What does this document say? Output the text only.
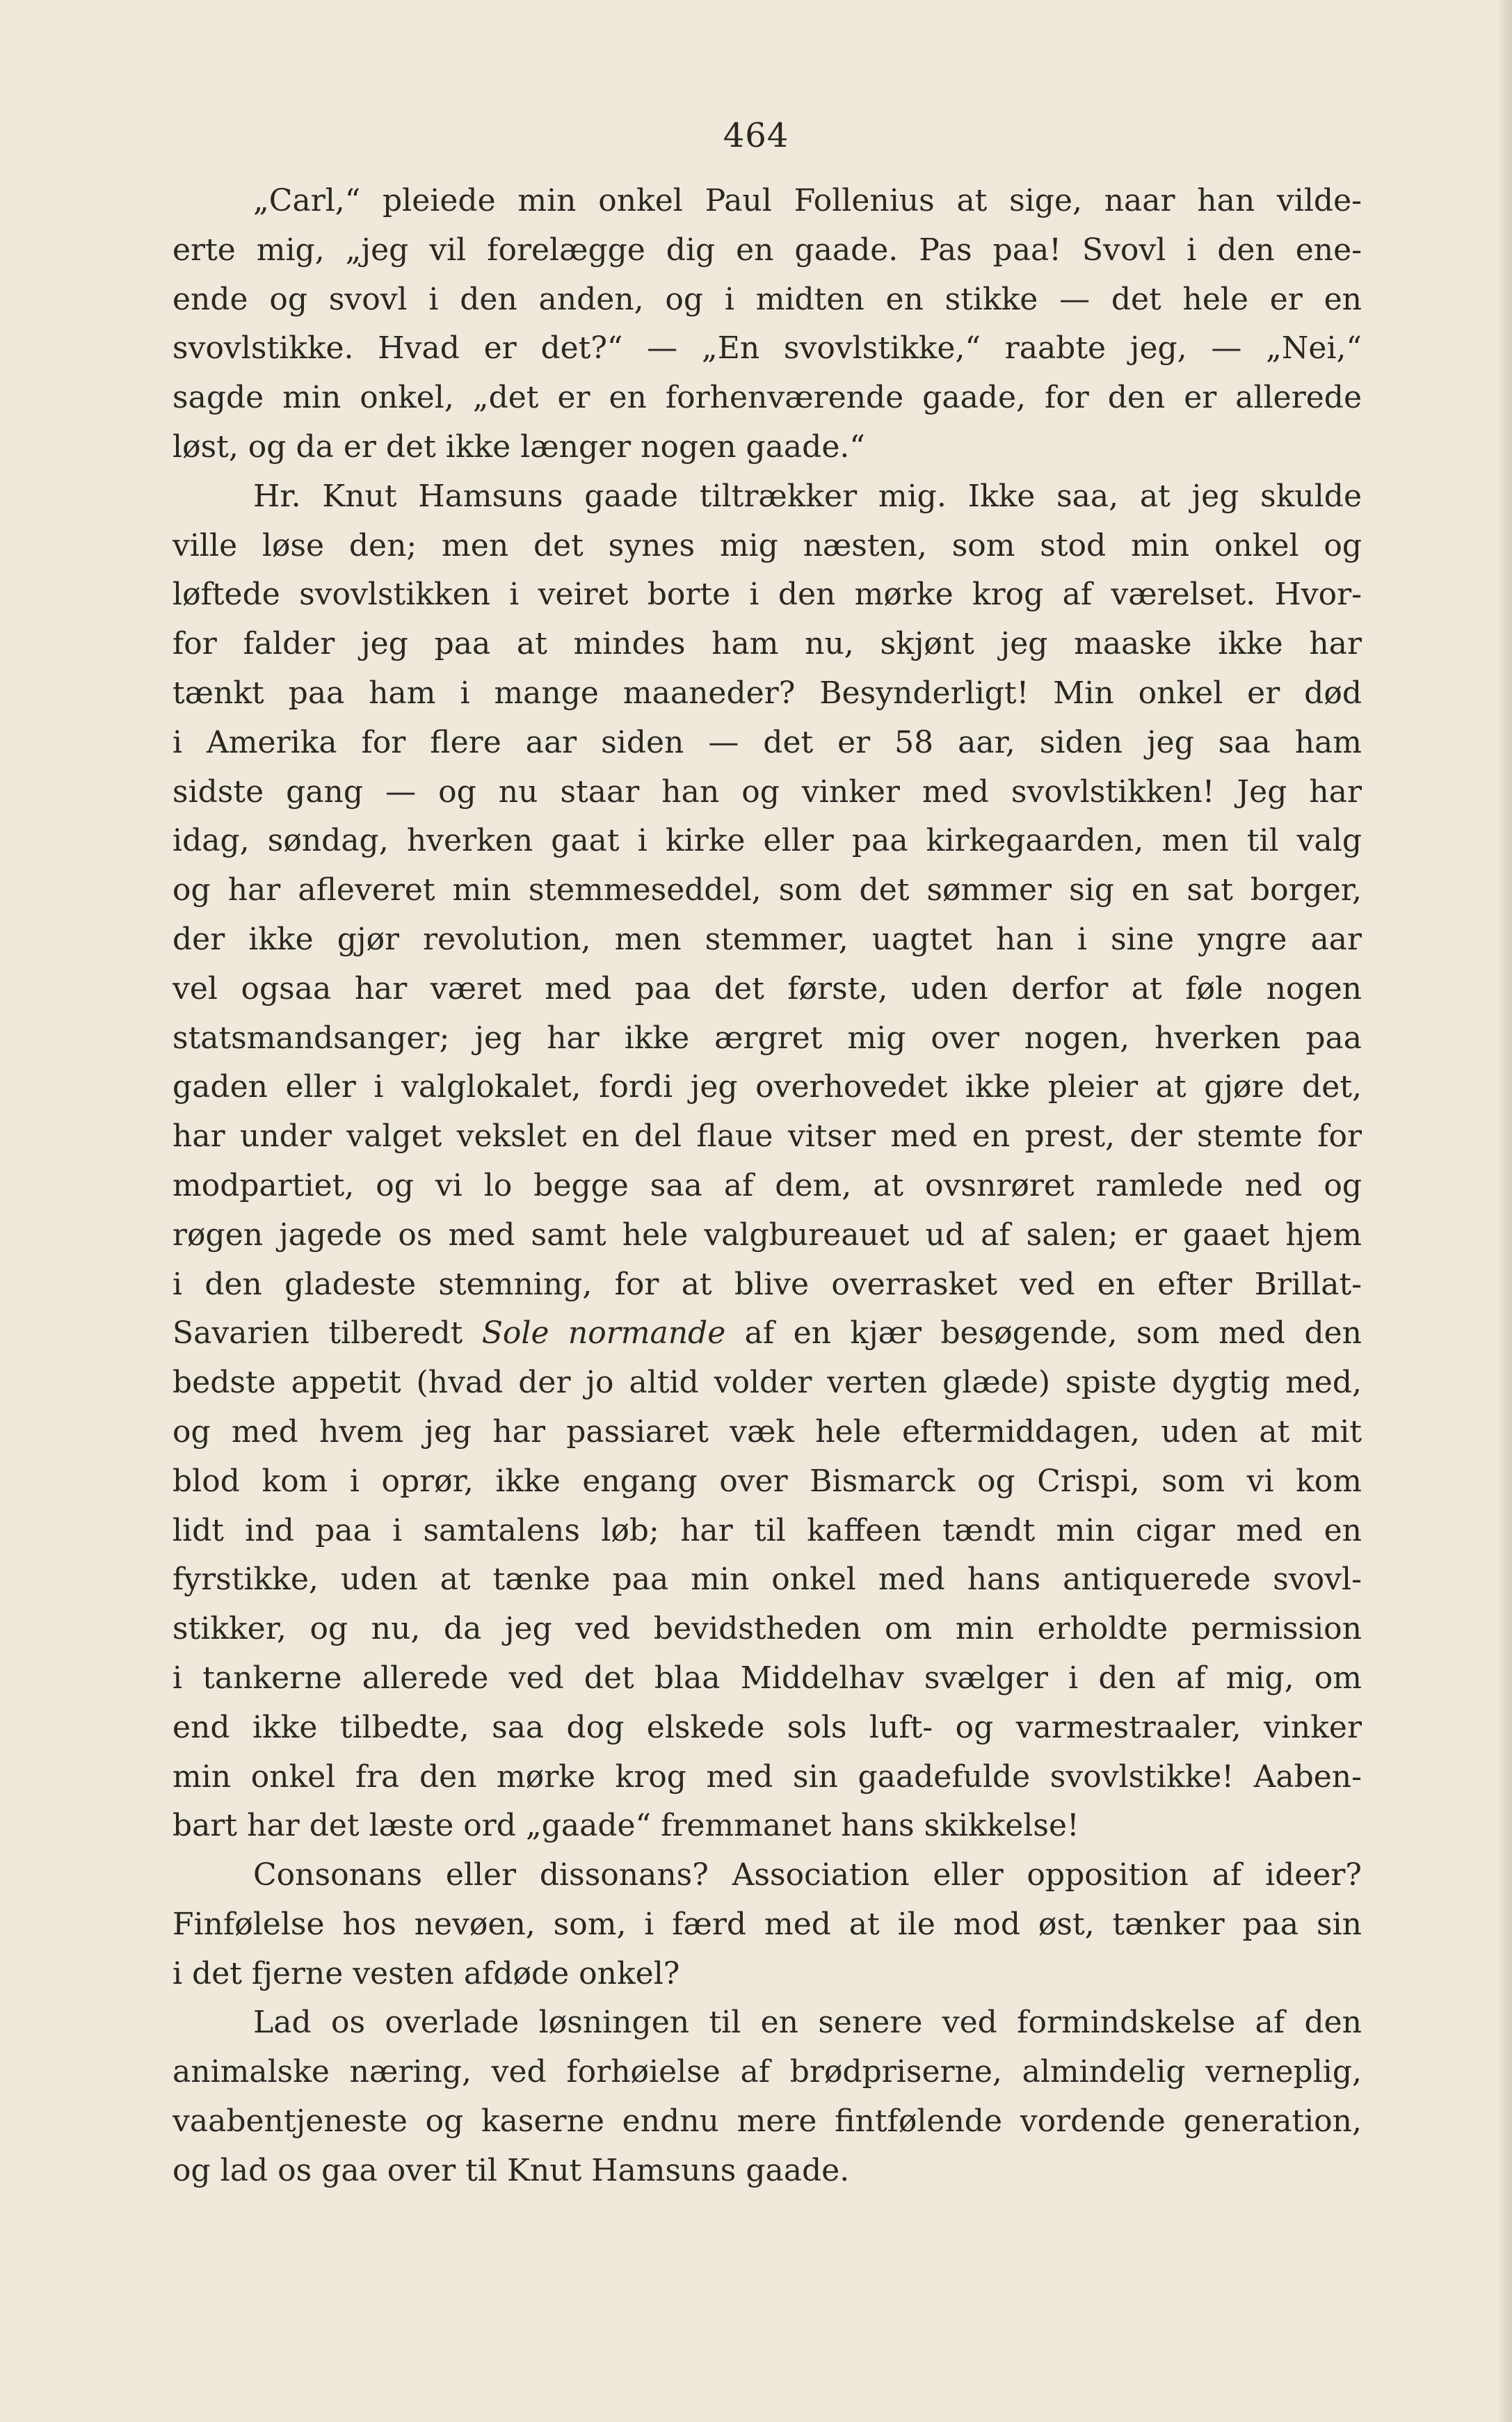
464
„Carl,“ pleiede min onkel Paul Follenius at sige, naar han vilde-
erte mig, „jeg vil forelægge dig en gaade. Pas paa! Svovl i den ene-
ende og svovl i den anden, og i midten en stikke — det hele er en
svovlstikke. Hvad er det?“ — „En svovlstikke,“ raabte jeg, — „Nei,“
sagde min onkel, „det er en forhenværende gaade, for den er allerede
løst, og da er det ikke længer nogen gaade.“
Hr. Knut Hamsuns gaade tiltrækker mig. Ikke saa, at jeg skulde
ville løse den; men det synes mig næsten, som stod min onkel og
løftede svovlstikken i veiret borte i den mørke krog af værelset. Hvor-
for falder jeg paa at mindes ham nu, skjønt jeg maaske ikke har
tænkt paa ham i mange maaneder? Besynderligt! Min onkel er død
i Amerika for flere aar siden — det er 58 aar, siden jeg saa ham
sidste gang — og nu staar han og vinker med svovlstikken! Jeg har
idag, søndag, hverken gaat i kirke eller paa kirkegaarden, men til valg
og har afleveret min stemmeseddel, som det sømmer sig en sat borger,
der ikke gjør revolution, men stemmer, uagtet han i sine yngre aar
vel ogsaa har været med paa det første, uden derfor at føle nogen
statsmandsanger; jeg har ikke ærgret mig over nogen, hverken paa
gaden eller i valglokalet, fordi jeg overhovedet ikke pleier at gjøre det,
har under valget vekslet en del flaue vitser med en prest, der stemte for
modpartiet, og vi lo begge saa af dem, at ovsnrøret ramlede ned og
røgen jagede os med samt hele valgbureauet ud af salen; er gaaet hjem
i den gladeste stemning, for at blive overrasket ved en efter Brillat-
Savarien tilberedt Sole normande af en kjær besøgende, som med den
bedste appetit (hvad der jo altid volder verten glæde) spiste dygtig med,
og med hvem jeg har passiaret væk hele eftermiddagen, uden at mit
blod kom i oprør, ikke engang over Bismarck og Crispi, som vi kom
lidt ind paa i samtalens løb; har til kaffeen tændt min cigar med en
fyrstikke, uden at tænke paa min onkel med hans antiquerede svovl-
stikker, og nu, da jeg ved bevidstheden om min erholdte permission
i tankerne allerede ved det blaa Middelhav svælger i den af mig, om
end ikke tilbedte, saa dog elskede sols luft- og varmestraaler, vinker
min onkel fra den mørke krog med sin gaadefulde svovlstikke! Aaben-
bart har det læste ord „gaade“ fremmanet hans skikkelse!
Consonans eller dissonans? Association eller opposition af ideer?
Finfølelse hos nevøen, som, i færd med at ile mod øst, tænker paa sin
i det fjerne vesten afdøde onkel?
Lad os overlade løsningen til en senere ved formindskelse af den
animalske næring, ved forhøielse af brødpriserne, almindelig verneplig,
vaabentjeneste og kaserne endnu mere fintfølende vordende generation,
og lad os gaa over til Knut Hamsuns gaade.
